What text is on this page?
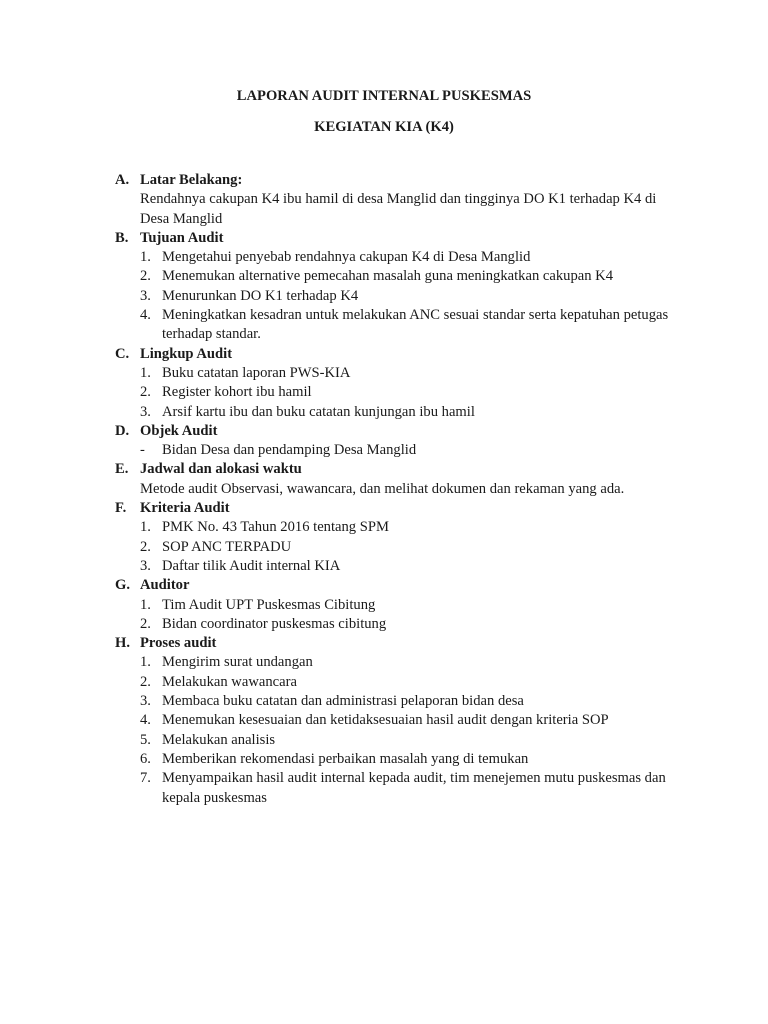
LAPORAN AUDIT INTERNAL PUSKESMAS
KEGIATAN KIA (K4)
A. Latar Belakang:
Rendahnya cakupan K4 ibu hamil di desa Manglid dan tingginya DO K1 terhadap K4 di Desa Manglid
B. Tujuan Audit
1. Mengetahui penyebab rendahnya cakupan K4 di Desa Manglid
2. Menemukan alternative pemecahan masalah guna meningkatkan cakupan K4
3. Menurunkan DO K1 terhadap K4
4. Meningkatkan kesadran untuk melakukan ANC sesuai standar serta kepatuhan petugas terhadap standar.
C. Lingkup Audit
1. Buku catatan laporan PWS-KIA
2. Register kohort ibu hamil
3. Arsif kartu ibu dan buku catatan kunjungan ibu hamil
D. Objek Audit
-	Bidan Desa dan pendamping Desa Manglid
E. Jadwal dan alokasi waktu
Metode audit Observasi, wawancara, dan melihat dokumen dan rekaman yang ada.
F. Kriteria Audit
1. PMK No. 43 Tahun 2016 tentang SPM
2. SOP ANC TERPADU
3. Daftar tilik Audit internal KIA
G. Auditor
1. Tim Audit UPT Puskesmas Cibitung
2. Bidan coordinator puskesmas cibitung
H. Proses audit
1. Mengirim surat undangan
2. Melakukan wawancara
3. Membaca buku catatan dan administrasi pelaporan bidan desa
4. Menemukan kesesuaian dan ketidaksesuaian hasil audit dengan kriteria SOP
5. Melakukan analisis
6. Memberikan rekomendasi perbaikan masalah yang di temukan
7. Menyampaikan hasil audit internal kepada audit, tim menejemen mutu puskesmas dan kepala puskesmas
